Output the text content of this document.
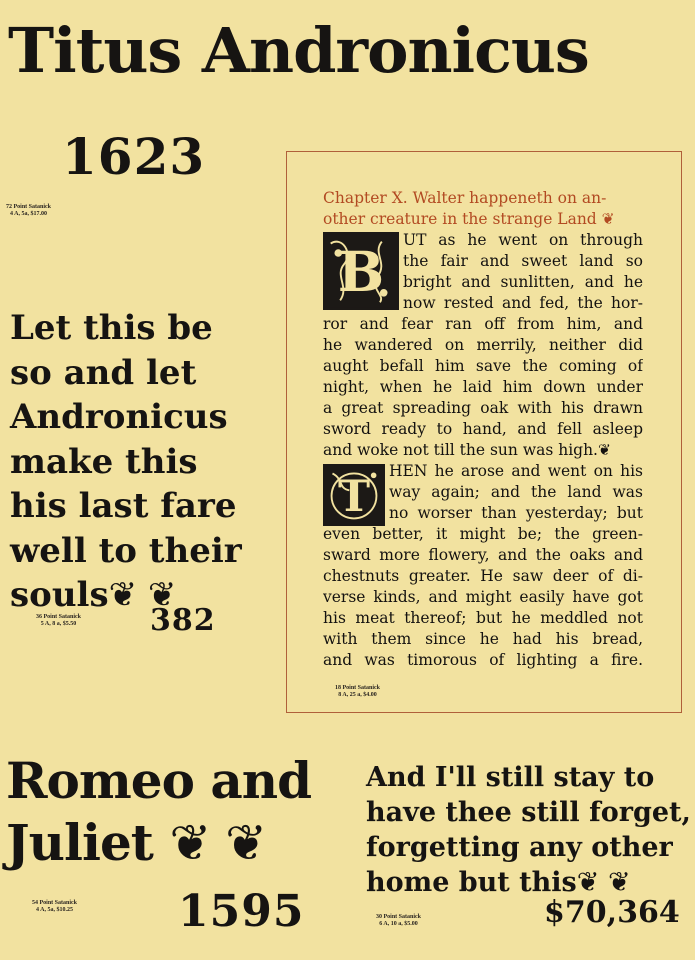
Titus Andronicus
1623
72 Point Satanick
4 A, 5a, $17.00
Let this be
so and let
Andronicus
make this
his last fare
well to their
souls❦ ❦
36 Point Satanick
5 A, 8 a, $5.50 382
Chapter X. Walter happeneth on an-
other creature in the strange Land ❦
B UT as he went on through
the fair and sweet land so
bright and sunlitten, and he
now rested and fed, the hor-
ror and fear ran off from him, and
he wandered on merrily, neither did
aught befall him save the coming of
night, when he laid him down under
a great spreading oak with his drawn
sword ready to hand, and fell asleep
and woke not till the sun was high.❦
T
HEN he arose and went on his
way again; and the land was
no worser than yesterday; but
even better, it might be; the green-
sward more flowery, and the oaks and
chestnuts greater. He saw deer of di-
verse kinds, and might easily have got
his meat thereof; but he meddled not
with them since he had his bread,
and was timorous of lighting a fire.
18 Point Satanick
8 A, 25 a, $4.00
Romeo and
Juliet ❦ ❦
54 Point Satanick
4 A, 5a, $10.25 1595
And I'll still stay to
have thee still forget,
forgetting any other
home but this❦ ❦
30 Point Satanick
6 A, 10 a, $5.00	$70,364
